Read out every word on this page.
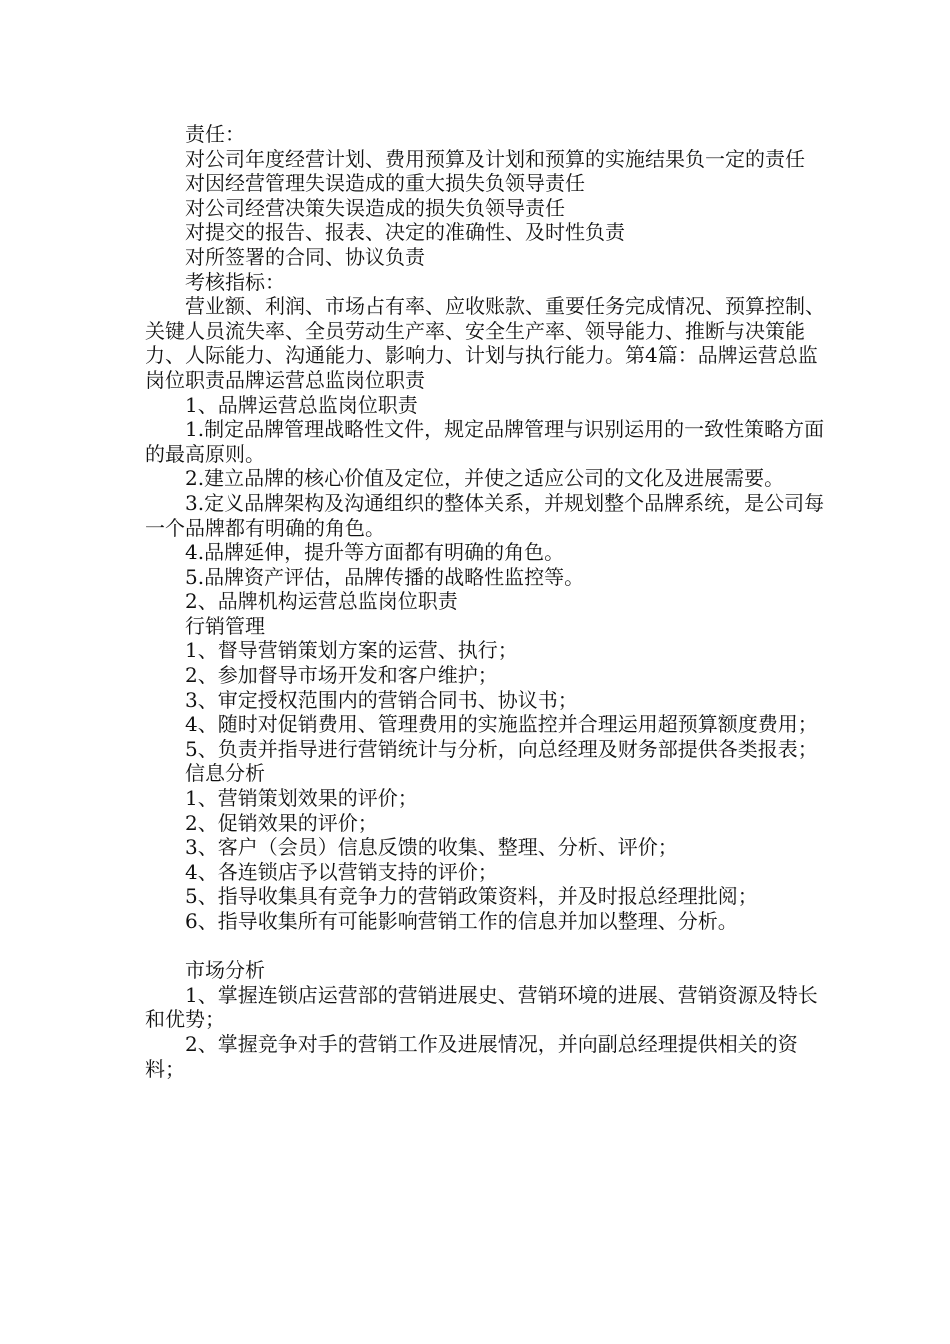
责任：

对公司年度经营计划、费用预算及计划和预算的实施结果负一定的责任

对因经营管理失误造成的重大损失负领导责任

对公司经营决策失误造成的损失负领导责任

对提交的报告、报表、决定的准确性、及时性负责

对所签署的合同、协议负责

考核指标：

营业额、利润、市场占有率、应收账款、重要任务完成情况、预算控制、关键人员流失率、全员劳动生产率、安全生产率、领导能力、推断与决策能力、人际能力、沟通能力、影响力、计划与执行能力。第4篇：品牌运营总监岗位职责品牌运营总监岗位职责

1、品牌运营总监岗位职责

1.制定品牌管理战略性文件，规定品牌管理与识别运用的一致性策略方面的最高原则。

2.建立品牌的核心价值及定位，并使之适应公司的文化及进展需要。

3.定义品牌架构及沟通组织的整体关系，并规划整个品牌系统，是公司每一个品牌都有明确的角色。

4.品牌延伸，提升等方面都有明确的角色。

5.品牌资产评估，品牌传播的战略性监控等。

2、品牌机构运营总监岗位职责

行销管理

1、督导营销策划方案的运营、执行；

2、参加督导市场开发和客户维护；

3、审定授权范围内的营销合同书、协议书；

4、随时对促销费用、管理费用的实施监控并合理运用超预算额度费用；

5、负责并指导进行营销统计与分析，向总经理及财务部提供各类报表；

信息分析

1、营销策划效果的评价；

2、促销效果的评价；

3、客户（会员）信息反馈的收集、整理、分析、评价；

4、各连锁店予以营销支持的评价；

5、指导收集具有竞争力的营销政策资料，并及时报总经理批阅；

6、指导收集所有可能影响营销工作的信息并加以整理、分析。

市场分析

1、掌握连锁店运营部的营销进展史、营销环境的进展、营销资源及特长和优势；

2、掌握竞争对手的营销工作及进展情况，并向副总经理提供相关的资料；
